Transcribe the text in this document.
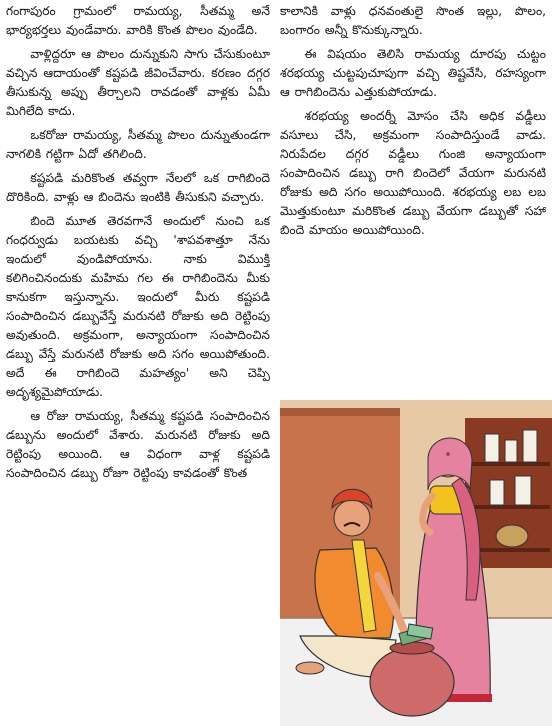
గంగాపురం గ్రామంలో రామయ్య, సీతమ్మ అనే భార్యభర్తలు వుండేవారు. వారికి కొంత పొలం వుండేది.

వాళ్లిద్దరూ ఆ పొలం దున్నుకుని సాగు చేసుకుంటూ వచ్చిన ఆదాయంతో కష్టపడి జీవించేవారు. కరణం దగ్గర తీసుకున్న అప్పు తీర్చాలని రావడంతో వాళ్లకు ఏమీ మిగిలేది కాదు.

ఒకరోజు రామయ్య, సీతమ్మ పొలం దున్నుతుండగా నాగలికి గట్టిగా ఏదో తగిలింది.

కష్టపడి మరికొంత తవ్వగా నేలలో ఒక రాగిబిందె దొరికింది. వాళ్లు ఆ బిందెను ఇంటికి తీసుకుని వచ్చారు.

బిందె మూత తెరవగానే అందులో నుంచి ఒక గంధర్వుడు బయటకు వచ్చి 'శాపవశాత్తూ నేను ఇందులో వుండిపోయాను. నాకు విముక్తి కలిగించినందుకు మహిమ గల ఈ రాగిబిందెను మీకు కానుకగా ఇస్తున్నాను. ఇందులో మీరు కష్టపడి సంపాదించిన డబ్బువేస్తే మరునటి రోజుకు అది రెట్టింపు అవుతుంది. అక్రమంగా, అన్యాయంగా సంపాదించిన డబ్బు వేస్తే మరునటి రోజుకు అది సగం అయిపోతుంది. అదే ఈ రాగిబిందె మహత్యం' అని చెప్పి అదృశ్యమైపోయాడు.

ఆ రోజు రామయ్య, సీతమ్మ కష్టపడి సంపాదించిన డబ్బును అందులో వేశారు. మరునటి రోజుకు అది రెట్టింపు అయింది. ఆ విధంగా వాళ్ల కష్టపడి సంపాదించిన డబ్బు రోజూ రెట్టింపు కావడంతో కొంత

కాలానికి వాళ్లు ధనవంతులై సొంత ఇల్లు, పొలం, బంగారం అన్నీ కొనుక్కున్నారు.

ఈ విషయం తెలిసి రామయ్య దూరపు చుట్టం శరభయ్య చుట్టపుచూపుగా వచ్చి తిష్టవేసి, రహస్యంగా ఆ రాగిబిందెను ఎత్తుకుపోయాడు.

శరభయ్య అందర్నీ మోసం చేసి అధిక వడ్డీలు వసూలు చేసి, అక్రమంగా సంపాదిస్తుండే వాడు. నిరుపేదల దగ్గర వడ్డీలు గుంజి అన్యాయంగా సంపాదించిన డబ్బు రాగి బిందెలో వేయగా మరునటి రోజుకు అది సగం అయిపోయింది. శరభయ్య లబ లబ మొత్తుకుంటూ మరికొంత డబ్బు వేయగా డబ్బుతో సహా బిందె మాయం అయిపోయింది.
